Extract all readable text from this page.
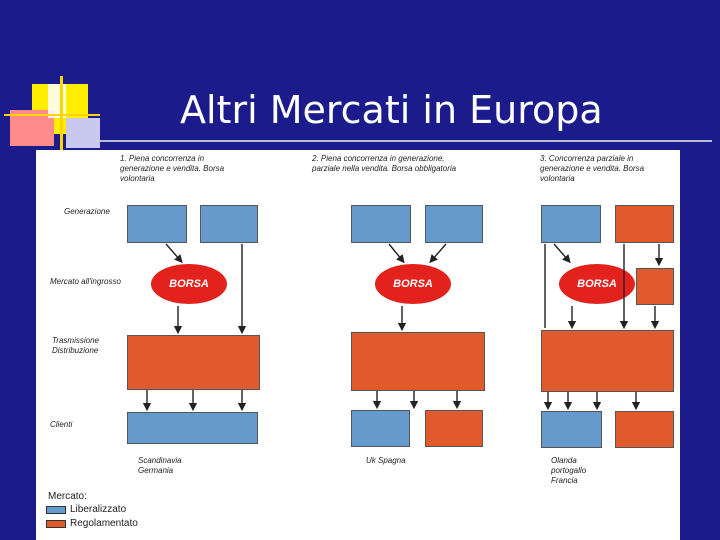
Altri Mercati in Europa
Generazione
Mercato all'ingrosso
Trasmissione Distribuzione
Clienti
1. Piena concorrenza in generazione e vendita. Borsa volontaria
2. Piena concorrenza in generazione, parziale nella vendita. Borsa obbligatoria
3. Concorrenza parziale in generazione e vendita. Borsa volontaria
BORSA
Scandinavia Germania
BORSA
Uk Spagna
BORSA
Olanda portogallo Francia
Mercato:
Liberalizzato
Regolamentato
